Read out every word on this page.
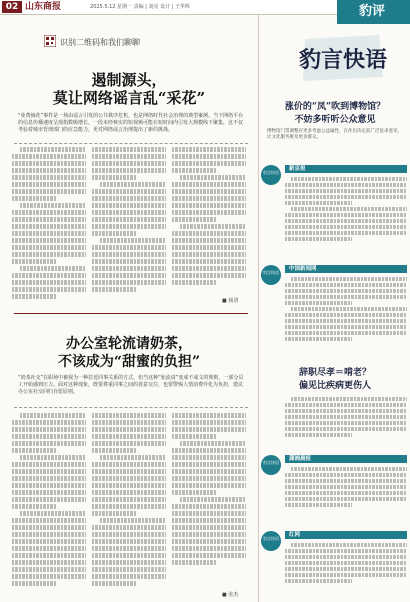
02 山东商报	2025.5.12 星期一 责编 | 刘亮 设计 | 王华辉	豹评
识别二维码和我们聊聊
遏制源头，
莫让网络谣言乱“采花”
“免费摘花”事件是一场由谣言引发的公共秩序危机，也是网络时代社会治理的典型案例。当下网络平台的信息传播速度呈现指数级增长，一段未经核实的短视频可能在短时间内引发大规模线下聚集，这不仅考验着城市管理部门的应急能力，更对网络谣言治理提出了新的挑战。
■ 杨清
办公室轮流请奶茶，
不该成为“甜蜜的负担”
“奶茶社交”在职场中被视为一种拉近同事关系的方式，但当这种“轮流请”变成不成文的规则，一部分员工开始感到压力。面对这种现象，既要尊重同事之间的善意交往，也要警惕人情消费异化为负担，建议办公室社交回归自愿原则。
■ 张杰
豹言快语
涨价的“凤”吹到博物馆？
不妨多听听公众意见
博物馆门票调整应更多考虑公益属性，在作出决定前广泛征求意见，让文化服务惠及更多群众。
豹言快语
新京报
豹言快语
中国新闻网
辞职尽孝＝啃老？
偏见比疾病更伤人
豹言快语
潇湘晨报
豹言快语
红网
